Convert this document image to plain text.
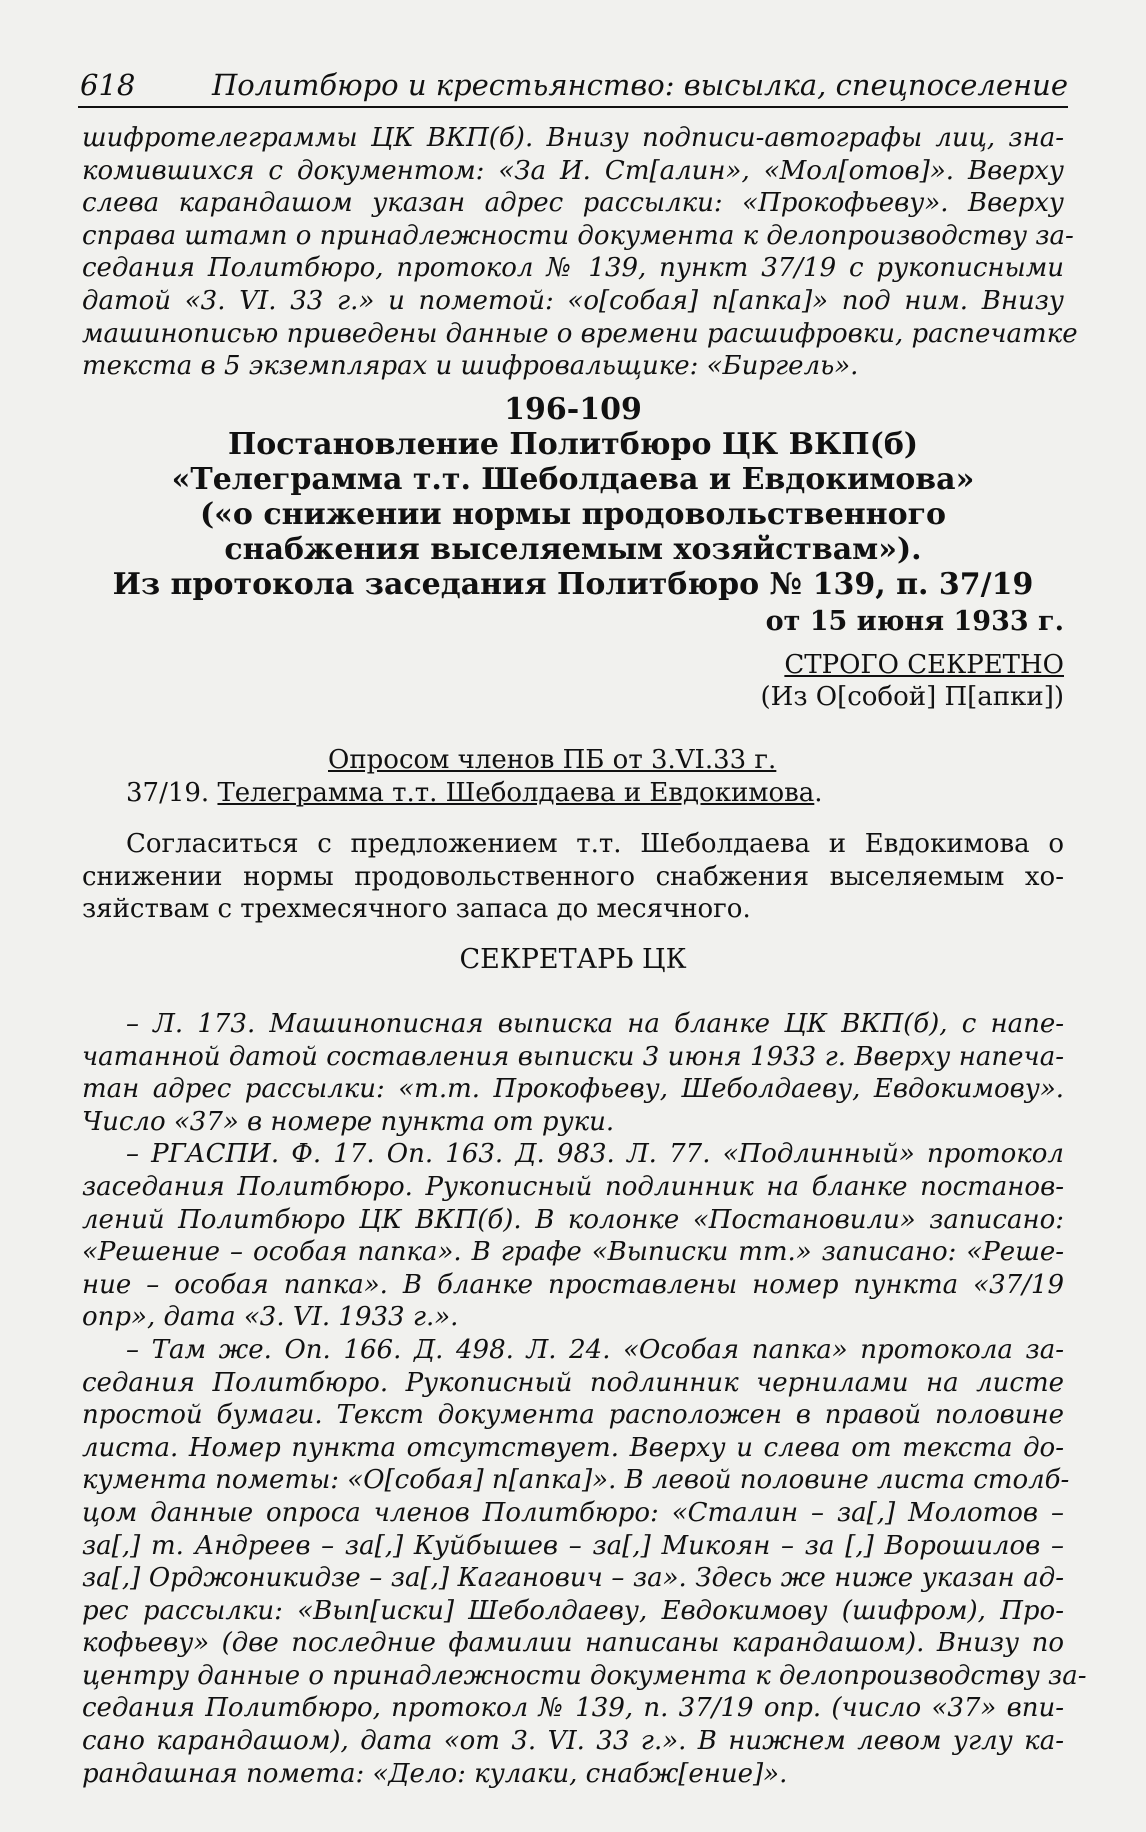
618	Политбюро и крестьянство: высылка, спецпоселение
шифротелеграммы ЦК ВКП(б). Внизу подписи-автографы лиц, зна-
комившихся с документом: «За И. Ст[алин», «Мол[отов]». Вверху
слева карандашом указан адрес рассылки: «Прокофьеву». Вверху
справа штамп о принадлежности документа к делопроизводству за-
седания Политбюро, протокол № 139, пункт 37/19 с рукописными
датой «3. VI. 33 г.» и пометой: «о[собая] п[апка]» под ним. Внизу
машинописью приведены данные о времени расшифровки, распечатке
текста в 5 экземплярах и шифровальщике: «Биргель».
196-109
Постановление Политбюро ЦК ВКП(б)
«Телеграмма т.т. Шеболдаева и Евдокимова»
(«о снижении нормы продовольственного
снабжения выселяемым хозяйствам»).
Из протокола заседания Политбюро № 139, п. 37/19
от 15 июня 1933 г.
СТРОГО СЕКРЕТНО
(Из О[собой] П[апки])
Опросом членов ПБ от 3.VI.33 г.
37/19. Телеграмма т.т. Шеболдаева и Евдокимова.
Согласиться с предложением т.т. Шеболдаева и Евдокимова о
снижении нормы продовольственного снабжения выселяемым хо-
зяйствам с трехмесячного запаса до месячного.
СЕКРЕТАРЬ ЦК
– Л. 173. Машинописная выписка на бланке ЦК ВКП(б), с напе-
чатанной датой составления выписки 3 июня 1933 г. Вверху напеча-
тан адрес рассылки: «т.т. Прокофьеву, Шеболдаеву, Евдокимову».
Число «37» в номере пункта от руки.
– РГАСПИ. Ф. 17. Оп. 163. Д. 983. Л. 77. «Подлинный» протокол
заседания Политбюро. Рукописный подлинник на бланке постанов-
лений Политбюро ЦК ВКП(б). В колонке «Постановили» записано:
«Решение – особая папка». В графе «Выписки тт.» записано: «Реше-
ние – особая папка». В бланке проставлены номер пункта «37/19
опр», дата «3. VI. 1933 г.».
– Там же. Оп. 166. Д. 498. Л. 24. «Особая папка» протокола за-
седания Политбюро. Рукописный подлинник чернилами на листе
простой бумаги. Текст документа расположен в правой половине
листа. Номер пункта отсутствует. Вверху и слева от текста до-
кумента пометы: «О[собая] п[апка]». В левой половине листа столб-
цом данные опроса членов Политбюро: «Сталин – за[,] Молотов –
за[,] т. Андреев – за[,] Куйбышев – за[,] Микоян – за [,] Ворошилов –
за[,] Орджоникидзе – за[,] Каганович – за». Здесь же ниже указан ад-
рес рассылки: «Вып[иски] Шеболдаеву, Евдокимову (шифром), Про-
кофьеву» (две последние фамилии написаны карандашом). Внизу по
центру данные о принадлежности документа к делопроизводству за-
седания Политбюро, протокол № 139, п. 37/19 опр. (число «37» впи-
сано карандашом), дата «от 3. VI. 33 г.». В нижнем левом углу ка-
рандашная помета: «Дело: кулаки, снабж[ение]».
